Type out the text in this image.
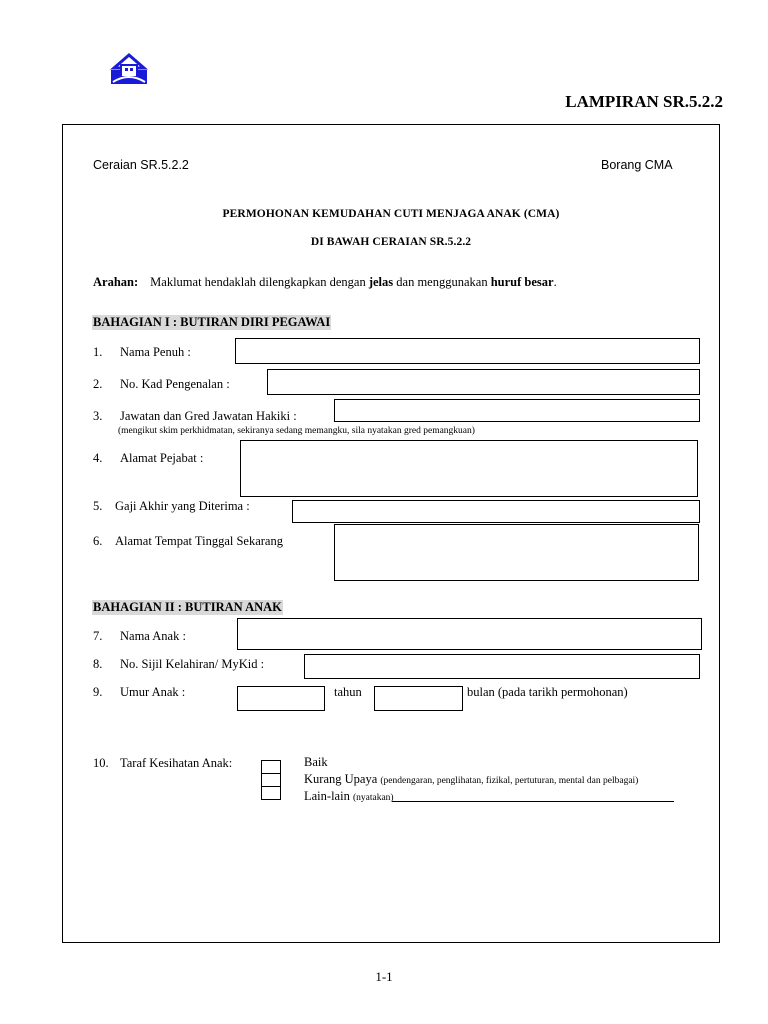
LAMPIRAN SR.5.2.2
Ceraian SR.5.2.2	Borang CMA
PERMOHONAN KEMUDAHAN CUTI MENJAGA ANAK (CMA)
DI BAWAH CERAIAN SR.5.2.2
Arahan: Maklumat hendaklah dilengkapkan dengan jelas dan menggunakan huruf besar.
BAHAGIAN I : BUTIRAN DIRI PEGAWAI
1. Nama Penuh :
2. No. Kad Pengenalan :
3. Jawatan dan Gred Jawatan Hakiki :
(mengikut skim perkhidmatan, sekiranya sedang memangku, sila nyatakan gred pemangkuan)
4. Alamat Pejabat :
5. Gaji Akhir yang Diterima :
6. Alamat Tempat Tinggal Sekarang
BAHAGIAN II : BUTIRAN ANAK
7. Nama Anak :
8. No. Sijil Kelahiran/ MyKid :
9. Umur Anak :	tahun	bulan (pada tarikh permohonan)
10. Taraf Kesihatan Anak:	Baik
Kurang Upaya (pendengaran, penglihatan, fizikal, pertuturan, mental dan pelbagai)
Lain-lain (nyatakan)
1-1
